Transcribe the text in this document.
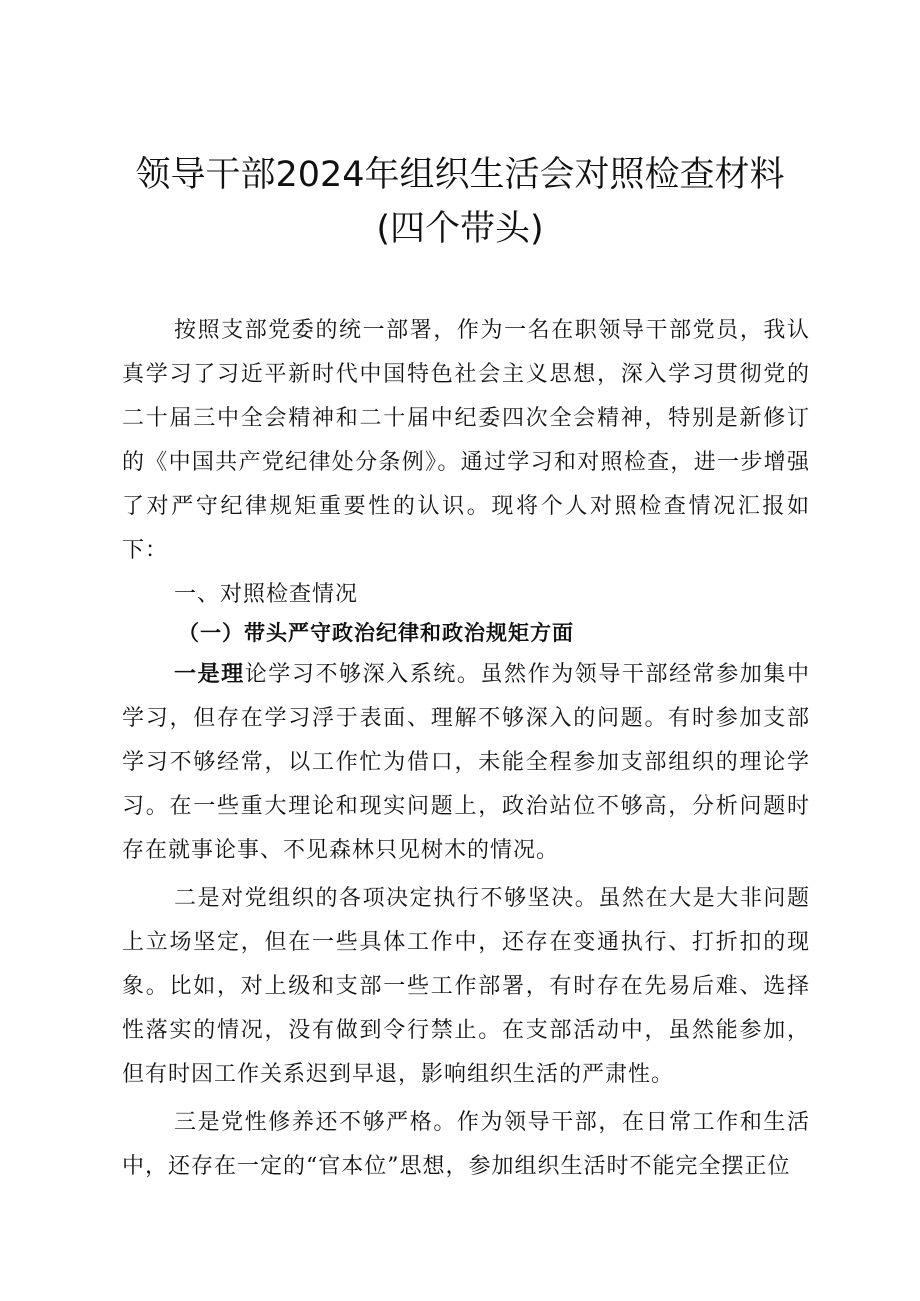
领导干部2024年组织生活会对照检查材料
(四个带头)

按照支部党委的统一部署，作为一名在职领导干部党员，我认真学习了习近平新时代中国特色社会主义思想，深入学习贯彻党的二十届三中全会精神和二十届中纪委四次全会精神，特别是新修订的《中国共产党纪律处分条例》。通过学习和对照检查，进一步增强了对严守纪律规矩重要性的认识。现将个人对照检查情况汇报如下：

一、对照检查情况

（一）带头严守政治纪律和政治规矩方面

一是理论学习不够深入系统。虽然作为领导干部经常参加集中学习，但存在学习浮于表面、理解不够深入的问题。有时参加支部学习不够经常，以工作忙为借口，未能全程参加支部组织的理论学习。在一些重大理论和现实问题上，政治站位不够高，分析问题时存在就事论事、不见森林只见树木的情况。

二是对党组织的各项决定执行不够坚决。虽然在大是大非问题上立场坚定，但在一些具体工作中，还存在变通执行、打折扣的现象。比如，对上级和支部一些工作部署，有时存在先易后难、选择性落实的情况，没有做到令行禁止。在支部活动中，虽然能参加，但有时因工作关系迟到早退，影响组织生活的严肃性。

三是党性修养还不够严格。作为领导干部，在日常工作和生活中，还存在一定的“官本位”思想，参加组织生活时不能完全摆正位
